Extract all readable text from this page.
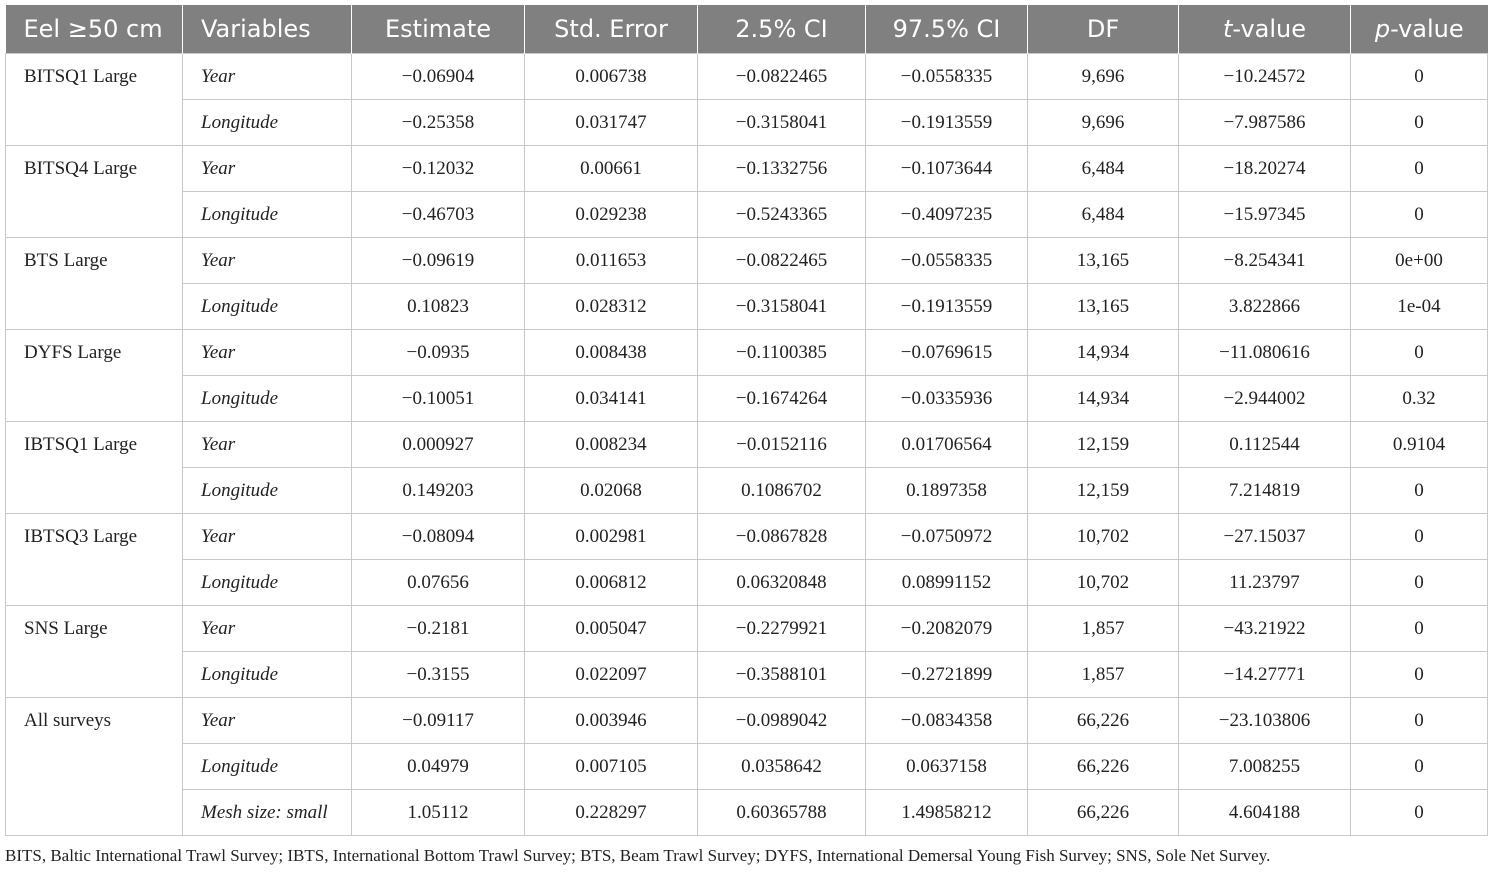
Eel ≥50 cm	Variables	Estimate	Std. Error	2.5% CI	97.5% CI	DF	t-value	p-value
BITSQ1 Large	Year	−0.06904	0.006738	−0.0822465	−0.0558335	9,696	−10.24572	0
	Longitude	−0.25358	0.031747	−0.3158041	−0.1913559	9,696	−7.987586	0
BITSQ4 Large	Year	−0.12032	0.00661	−0.1332756	−0.1073644	6,484	−18.20274	0
	Longitude	−0.46703	0.029238	−0.5243365	−0.4097235	6,484	−15.97345	0
BTS Large	Year	−0.09619	0.011653	−0.0822465	−0.0558335	13,165	−8.254341	0e+00
	Longitude	0.10823	0.028312	−0.3158041	−0.1913559	13,165	3.822866	1e-04
DYFS Large	Year	−0.0935	0.008438	−0.1100385	−0.0769615	14,934	−11.080616	0
	Longitude	−0.10051	0.034141	−0.1674264	−0.0335936	14,934	−2.944002	0.32
IBTSQ1 Large	Year	0.000927	0.008234	−0.0152116	0.01706564	12,159	0.112544	0.9104
	Longitude	0.149203	0.02068	0.1086702	0.1897358	12,159	7.214819	0
IBTSQ3 Large	Year	−0.08094	0.002981	−0.0867828	−0.0750972	10,702	−27.15037	0
	Longitude	0.07656	0.006812	0.06320848	0.08991152	10,702	11.23797	0
SNS Large	Year	−0.2181	0.005047	−0.2279921	−0.2082079	1,857	−43.21922	0
	Longitude	−0.3155	0.022097	−0.3588101	−0.2721899	1,857	−14.27771	0
All surveys	Year	−0.09117	0.003946	−0.0989042	−0.0834358	66,226	−23.103806	0
	Longitude	0.04979	0.007105	0.0358642	0.0637158	66,226	7.008255	0
	Mesh size: small	1.05112	0.228297	0.60365788	1.49858212	66,226	4.604188	0
BITS, Baltic International Trawl Survey; IBTS, International Bottom Trawl Survey; BTS, Beam Trawl Survey; DYFS, International Demersal Young Fish Survey; SNS, Sole Net Survey.
